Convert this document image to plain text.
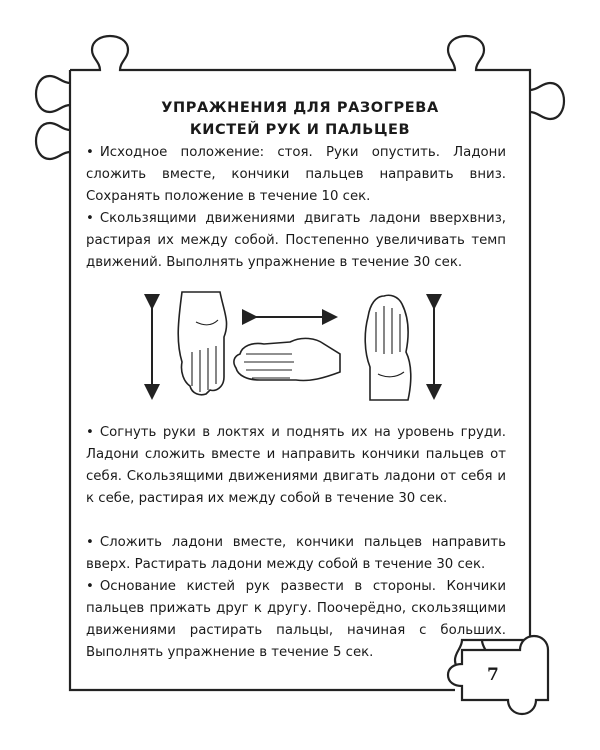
УПРАЖНЕНИЯ ДЛЯ РАЗОГРЕВА
КИСТЕЙ РУК И ПАЛЬЦЕВ
• Исходное положение: стоя. Руки опустить. Ладони сложить вместе, кончики пальцев направить вниз. Сохранять положение в течение 10 сек.
• Скользящими движениями двигать ладони вверхвниз, растирая их между собой. Постепенно увеличивать темп движений. Выполнять упражнение в течение 30 сек.
• Согнуть руки в локтях и поднять их на уровень груди. Ладони сложить вместе и направить кончики пальцев от себя. Скользящими движениями двигать ладони от себя и к себе, растирая их между собой в течение 30 сек.
• Сложить ладони вместе, кончики пальцев направить вверх. Растирать ладони между собой в течение 30 сек.
• Основание кистей рук развести в стороны. Кончики пальцев прижать друг к другу. Поочерёдно, скользящими движениями растирать пальцы, начиная с больших. Выполнять упражнение в течение 5 сек.
7
